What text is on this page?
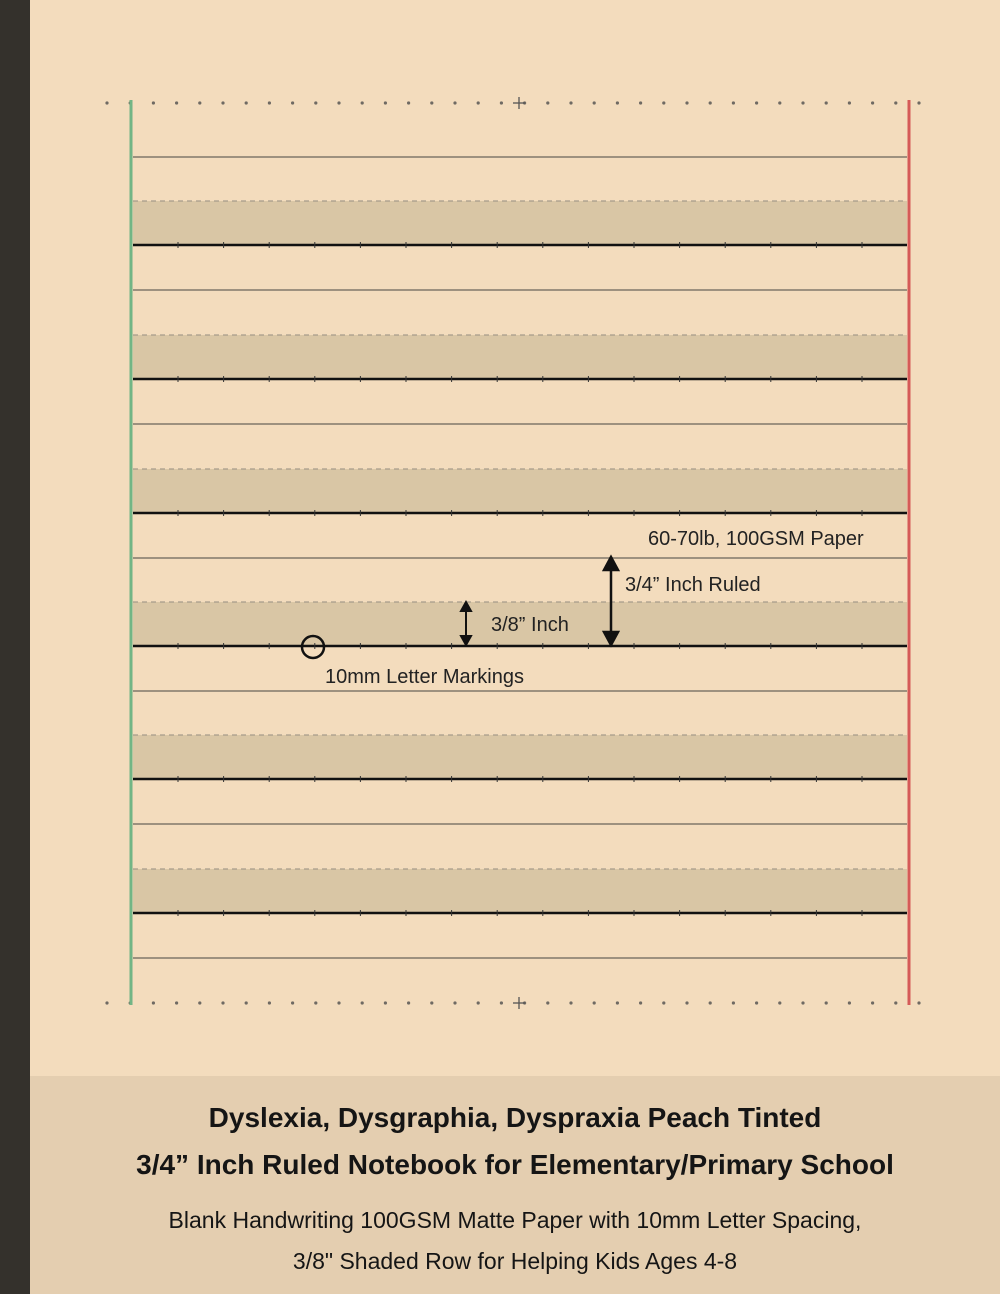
60-70lb, 100GSM Paper
3/4” Inch Ruled
3/8” Inch
10mm Letter Markings
Dyslexia, Dysgraphia, Dyspraxia Peach Tinted
3/4” Inch Ruled Notebook for Elementary/Primary School
Blank Handwriting 100GSM Matte Paper with 10mm Letter Spacing,
3/8" Shaded Row for Helping Kids Ages 4-8
